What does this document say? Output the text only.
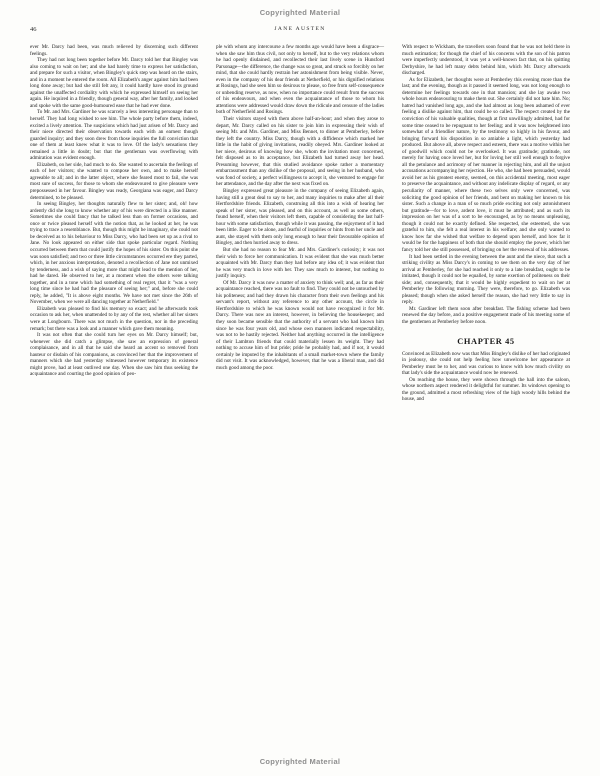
Copyrighted Material
46	JANE AUSTEN

ever Mr. Darcy had been, was much relieved by discerning such different feelings.

They had not long been together before Mr. Darcy told her that Bingley was also coming to wait on her; and she had barely time to express her satisfaction, and prepare for such a visitor, when Bingley's quick step was heard on the stairs, and in a moment he entered the room. All Elizabeth's anger against him had been long done away; but had she still felt any, it could hardly have stood its ground against the unaffected cordiality with which he expressed himself on seeing her again. He inquired in a friendly, though general way, after her family, and looked and spoke with the same good-humoured ease that he had ever done.

To Mr. and Mrs. Gardiner he was scarcely a less interesting personage than to herself. They had long wished to see him. The whole party before them, indeed, excited a lively attention. The suspicions which had just arisen of Mr. Darcy and their niece directed their observation towards each with an earnest though guarded inquiry; and they soon drew from those inquiries the full conviction that one of them at least knew what it was to love. Of the lady's sensations they remained a little in doubt; but that the gentleman was overflowing with admiration was evident enough.

Elizabeth, on her side, had much to do. She wanted to ascertain the feelings of each of her visitors; she wanted to compose her own, and to make herself agreeable to all; and in the latter object, where she feared most to fail, she was most sure of success, for those to whom she endeavoured to give pleasure were prepossessed in her favour. Bingley was ready, Georgiana was eager, and Darcy determined, to be pleased.

In seeing Bingley, her thoughts naturally flew to her sister; and, oh! how ardently did she long to know whether any of his were directed in a like manner. Sometimes she could fancy that he talked less than on former occasions, and once or twice pleased herself with the notion that, as he looked at her, he was trying to trace a resemblance. But, though this might be imaginary, she could not be deceived as to his behaviour to Miss Darcy, who had been set up as a rival to Jane. No look appeared on either side that spoke particular regard. Nothing occurred between them that could justify the hopes of his sister. On this point she was soon satisfied; and two or three little circumstances occurred ere they parted, which, in her anxious interpretation, denoted a recollection of Jane not unmixed by tenderness, and a wish of saying more that might lead to the mention of her, had he dared. He observed to her, at a moment when the others were talking together, and in a tone which had something of real regret, that it "was a very long time since he had had the pleasure of seeing her;" and, before she could reply, he added, "It is above eight months. We have not met since the 26th of November, when we were all dancing together at Netherfield."

Elizabeth was pleased to find his memory so exact; and he afterwards took occasion to ask her, when unattended to by any of the rest, whether all her sisters were at Longbourn. There was not much in the question, nor in the preceding remark; but there was a look and a manner which gave them meaning.

It was not often that she could turn her eyes on Mr. Darcy himself; but, whenever she did catch a glimpse, she saw an expression of general complaisance, and in all that he said she heard an accent so removed from hauteur or disdain of his companions, as convinced her that the improvement of manners which she had yesterday witnessed however temporary its existence might prove, had at least outlived one day. When she saw him thus seeking the acquaintance and courting the good opinion of peo-

ple with whom any intercourse a few months ago would have been a disgrace—when she saw him thus civil, not only to herself, but to the very relations whom he had openly disdained, and recollected their last lively scene in Hunsford Parsonage—the difference, the change was so great, and struck so forcibly on her mind, that she could hardly restrain her astonishment from being visible. Never, even in the company of his dear friends at Netherfield, or his dignified relations at Rosings, had she seen him so desirous to please, so free from self-consequence or unbending reserve, as now, when no importance could result from the success of his endeavours, and when even the acquaintance of those to whom his attentions were addressed would draw down the ridicule and censure of the ladies both of Netherfield and Rosings.

Their visitors stayed with them above half-an-hour; and when they arose to depart, Mr. Darcy called on his sister to join him in expressing their wish of seeing Mr. and Mrs. Gardiner, and Miss Bennet, to dinner at Pemberley, before they left the country. Miss Darcy, though with a diffidence which marked her little in the habit of giving invitations, readily obeyed. Mrs. Gardiner looked at her niece, desirous of knowing how she, whom the invitation most concerned, felt disposed as to its acceptance, but Elizabeth had turned away her head. Presuming however, that this studied avoidance spoke rather a momentary embarrassment than any dislike of the proposal, and seeing in her husband, who was fond of society, a perfect willingness to accept it, she ventured to engage for her attendance, and the day after the next was fixed on.

Bingley expressed great pleasure in the company of seeing Elizabeth again, having still a great deal to say to her, and many inquiries to make after all their Hertfordshire friends. Elizabeth, construing all this into a wish of hearing her speak of her sister, was pleased, and on this account, as well as some others, found herself, when their visitors left them, capable of considering the last half-hour with some satisfaction, though while it was passing, the enjoyment of it had been little. Eager to be alone, and fearful of inquiries or hints from her uncle and aunt, she stayed with them only long enough to hear their favourable opinion of Bingley, and then hurried away to dress.

But she had no reason to fear Mr. and Mrs. Gardiner's curiosity; it was not their wish to force her communication. It was evident that she was much better acquainted with Mr. Darcy than they had before any idea of; it was evident that he was very much in love with her. They saw much to interest, but nothing to justify inquiry.

Of Mr. Darcy it was now a matter of anxiety to think well; and, as far as their acquaintance reached, there was no fault to find. They could not be untouched by his politeness; and had they drawn his character from their own feelings and his servant's report, without any reference to any other account, the circle in Hertfordshire to which he was known would not have recognized it for Mr. Darcy. There was now an interest, however, in believing the housekeeper; and they soon became sensible that the authority of a servant who had known him since he was four years old, and whose own manners indicated respectability, was not to be hastily rejected. Neither had anything occurred in the intelligence of their Lambton friends that could materially lessen its weight. They had nothing to accuse him of but pride; pride he probably had, and if not, it would certainly be imputed by the inhabitants of a small market-town where the family did not visit. It was acknowledged, however, that he was a liberal man, and did much good among the poor.

With respect to Wickham, the travellers soon found that he was not held there in much estimation; for though the chief of his concerns with the son of his patron were imperfectly understood, it was yet a well-known fact that, on his quitting Derbyshire, he had left many debts behind him, which Mr. Darcy afterwards discharged.

As for Elizabeth, her thoughts were at Pemberley this evening more than the last; and the evening, though as it passed it seemed long, was not long enough to determine her feelings towards one in that mansion; and she lay awake two whole hours endeavouring to make them out. She certainly did not hate him. No; hatred had vanished long ago, and she had almost as long been ashamed of ever feeling a dislike against him, that could be so called. The respect created by the conviction of his valuable qualities, though at first unwillingly admitted, had for some time ceased to be repugnant to her feeling; and it was now heightened into somewhat of a friendlier nature, by the testimony so highly in his favour, and bringing forward his disposition in so amiable a light, which yesterday had produced. But above all, above respect and esteem, there was a motive within her of goodwill which could not be overlooked. It was gratitude; gratitude, not merely for having once loved her, but for loving her still well enough to forgive all the petulance and acrimony of her manner in rejecting him, and all the unjust accusations accompanying her rejection. He who, she had been persuaded, would avoid her as his greatest enemy, seemed, on this accidental meeting, most eager to preserve the acquaintance, and without any indelicate display of regard, or any peculiarity of manner, where these two selves only were concerned, was soliciting the good opinion of her friends, and bent on making her known to his sister. Such a change in a man of so much pride exciting not only astonishment but gratitude—for to love, ardent love, it must be attributed; and as such its impression on her was of a sort to be encouraged, as by no means unpleasing, though it could not be exactly defined. She respected, she esteemed, she was grateful to him, she felt a real interest in his welfare; and she only wanted to know how far she wished that welfare to depend upon herself, and how far it would be for the happiness of both that she should employ the power, which her fancy told her she still possessed, of bringing on her the renewal of his addresses.

It had been settled in the evening between the aunt and the niece, that such a striking civility as Miss Darcy's in coming to see them on the very day of her arrival at Pemberley, for she had reached it only to a late breakfast, ought to be imitated, though it could not be equalled, by some exertion of politeness on their side; and, consequently, that it would be highly expedient to wait on her at Pemberley the following morning. They were, therefore, to go. Elizabeth was pleased; though when she asked herself the reason, she had very little to say in reply.

Mr. Gardiner left them soon after breakfast. The fishing scheme had been renewed the day before, and a positive engagement made of his meeting some of the gentlemen at Pemberley before noon.

CHAPTER 45

Convinced as Elizabeth now was that Miss Bingley's dislike of her had originated in jealousy, she could not help feeling how unwelcome her appearance at Pemberley must be to her, and was curious to know with how much civility on that lady's side the acquaintance would now be renewed.

On reaching the house, they were shown through the hall into the saloon, whose northern aspect rendered it delightful for summer. Its windows opening to the ground, admitted a most refreshing view of the high woody hills behind the house, and

Copyrighted Material
